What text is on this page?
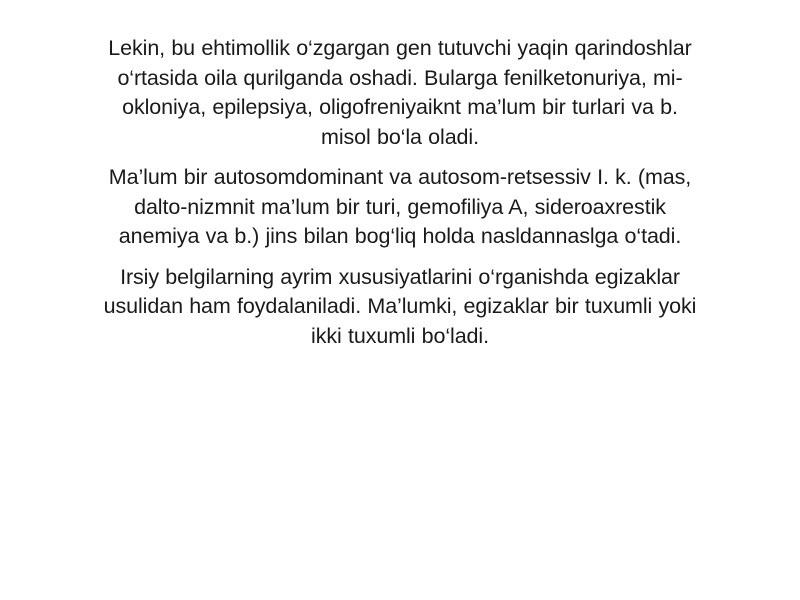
Lekin, bu ehtimollik o‘zgargan gen tutuvchi yaqin qarindoshlar o‘rtasida oila qurilganda oshadi. Bularga fenilketonuriya, mi-okloniya, epilepsiya, oligofreniyaiknt ma’lum bir turlari va b. misol bo‘la oladi.

Ma’lum bir autosomdominant va autosom-retsessiv I. k. (mas, dalto-nizmnit ma’lum bir turi, gemofiliya A, sideroaxrestik anemiya va b.) jins bilan bog‘liq holda nasldannaslga o‘tadi.

Irsiy belgilarning ayrim xususiyatlarini o‘rganishda egizaklar usulidan ham foydalaniladi. Ma’lumki, egizaklar bir tuxumli yoki ikki tuxumli bo‘ladi.
